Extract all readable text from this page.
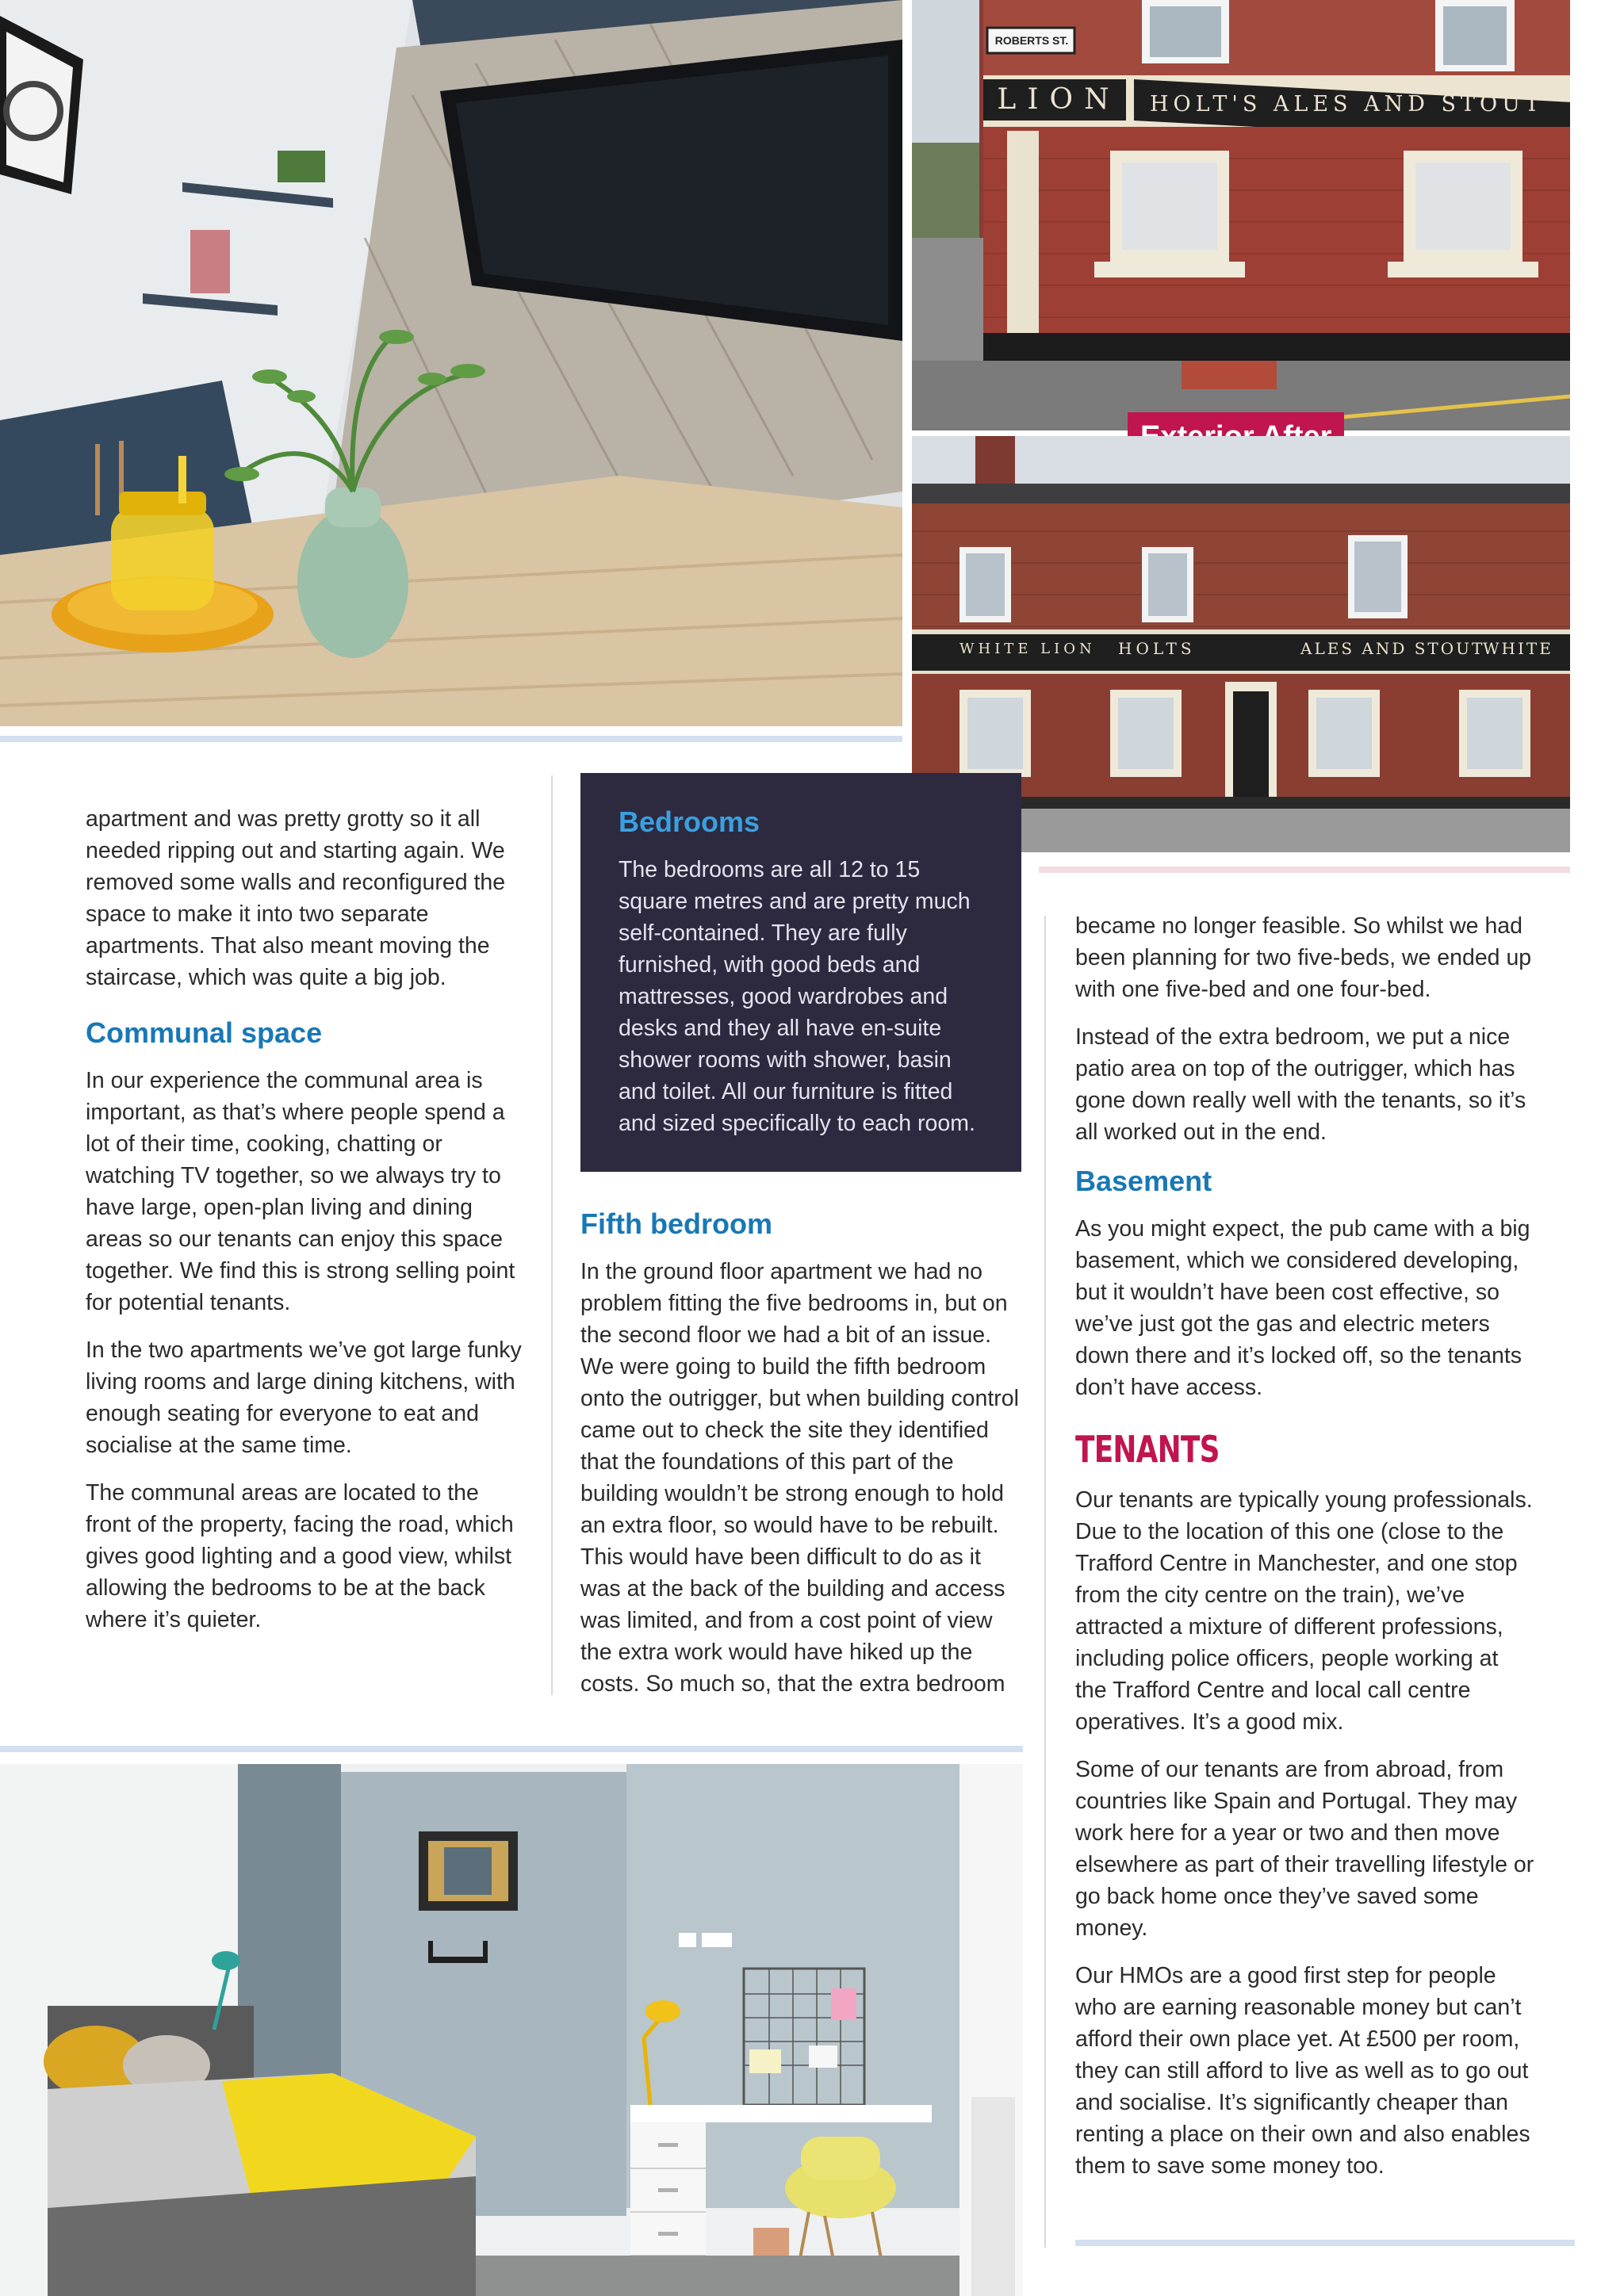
ROBERTS ST.
LION HOLT'S ALES AND STOUT
WHITE LION HOLTS	ALES AND STOUT
WHITE

apartment and was pretty grotty so it all needed ripping out and starting again. We removed some walls and reconfigured the space to make it into two separate apartments. That also meant moving the staircase, which was quite a big job.

Communal space

In our experience the communal area is important, as that’s where people spend a lot of their time, cooking, chatting or watching TV together, so we always try to have large, open-plan living and dining areas so our tenants can enjoy this space together. We find this is strong selling point for potential tenants.

In the two apartments we’ve got large funky living rooms and large dining kitchens, with enough seating for everyone to eat and socialise at the same time.

The communal areas are located to the front of the property, facing the road, which gives good lighting and a good view, whilst allowing the bedrooms to be at the back where it’s quieter.

Bedrooms

The bedrooms are all 12 to 15 square metres and are pretty much self-contained. They are fully furnished, with good beds and mattresses, good wardrobes and desks and they all have en-suite shower rooms with shower, basin and toilet. All our furniture is fitted and sized specifically to each room.

Fifth bedroom

In the ground floor apartment we had no problem fitting the five bedrooms in, but on the second floor we had a bit of an issue. We were going to build the fifth bedroom onto the outrigger, but when building control came out to check the site they identified that the foundations of this part of the building wouldn’t be strong enough to hold an extra floor, so would have to be rebuilt. This would have been difficult to do as it was at the back of the building and access was limited, and from a cost point of view the extra work would have hiked up the costs. So much so, that the extra bedroom

became no longer feasible. So whilst we had been planning for two five-beds, we ended up with one five-bed and one four-bed.

Instead of the extra bedroom, we put a nice patio area on top of the outrigger, which has gone down really well with the tenants, so it’s all worked out in the end.

Basement

As you might expect, the pub came with a big basement, which we considered developing, but it wouldn’t have been cost effective, so we’ve just got the gas and electric meters down there and it’s locked off, so the tenants don’t have access.

TENANTS

Our tenants are typically young professionals. Due to the location of this one (close to the Trafford Centre in Manchester, and one stop from the city centre on the train), we’ve attracted a mixture of different professions, including police officers, people working at the Trafford Centre and local call centre operatives. It’s a good mix.

Some of our tenants are from abroad, from countries like Spain and Portugal. They may work here for a year or two and then move elsewhere as part of their travelling lifestyle or go back home once they’ve saved some money.

Our HMOs are a good first step for people who are earning reasonable money but can’t afford their own place yet. At £500 per room, they can still afford to live as well as to go out and socialise. It’s significantly cheaper than renting a place on their own and also enables them to save some money too.
